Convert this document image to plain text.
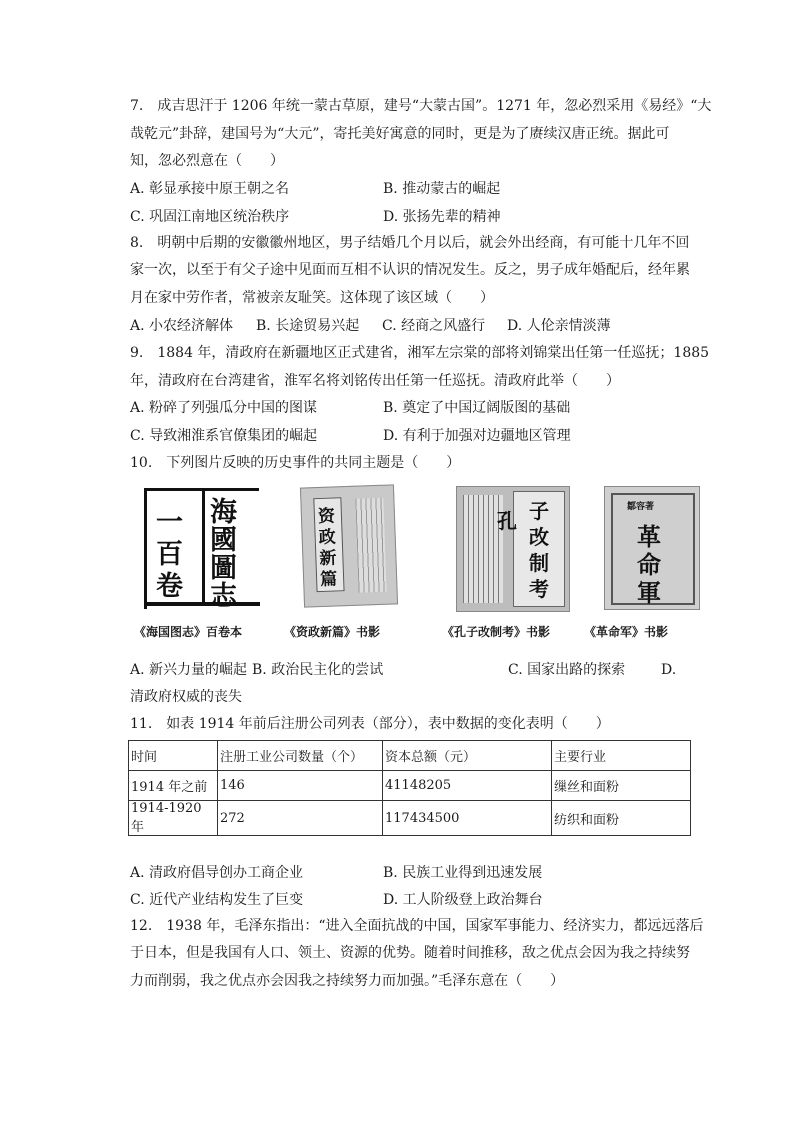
7.　成吉思汗于 1206 年统一蒙古草原，建号“大蒙古国”。1271 年，忽必烈采用《易经》“大
哉乾元”卦辞，建国号为“大元”，寄托美好寓意的同时，更是为了赓续汉唐正统。据此可
知，忽必烈意在（　　）
A. 彰显承接中原王朝之名	B. 推动蒙古的崛起
C. 巩固江南地区统治秩序	D. 张扬先辈的精神
8.　明朝中后期的安徽徽州地区，男子结婚几个月以后，就会外出经商，有可能十几年不回
家一次，以至于有父子途中见面而互相不认识的情况发生。反之，男子成年婚配后，经年累
月在家中劳作者，常被亲友耻笑。这体现了该区域（　　）
A. 小农经济解体 B. 长途贸易兴起 C. 经商之风盛行 D. 人伦亲情淡薄
9.　1884 年，清政府在新疆地区正式建省，湘军左宗棠的部将刘锦棠出任第一任巡抚；1885
年，清政府在台湾建省，淮军名将刘铭传出任第一任巡抚。清政府此举（　　）
A. 粉碎了列强瓜分中国的图谋	B. 奠定了中国辽阔版图的基础
C. 导致湘淮系官僚集团的崛起	D. 有利于加强对边疆地区管理
10.　下列图片反映的历史事件的共同主题是（　　）
海
國
圖
志
一
百
卷
《海国图志》百卷本
资
政
新
篇
《资政新篇》书影
孔 子
改
制
考
《孔子改制考》书影
鄒容著
革
命
軍
《革命军》书影
A. 新兴力量的崛起 B. 政治民主化的尝试	C. 国家出路的探索	D.
清政府权威的丧失
11.　如表 1914 年前后注册公司列表（部分），表中数据的变化表明（　　）
时间	注册工业公司数量（个）	资本总额（元）	主要行业
1914 年之前	146	41148205	缫丝和面粉
1914-1920 年	272	117434500	纺织和面粉
A. 清政府倡导创办工商企业	B. 民族工业得到迅速发展
C. 近代产业结构发生了巨变	D. 工人阶级登上政治舞台
12.　1938 年，毛泽东指出：“进入全面抗战的中国，国家军事能力、经济实力，都远远落后
于日本，但是我国有人口、领土、资源的优势。随着时间推移，敌之优点会因为我之持续努
力而削弱，我之优点亦会因我之持续努力而加强。”毛泽东意在（　　）
